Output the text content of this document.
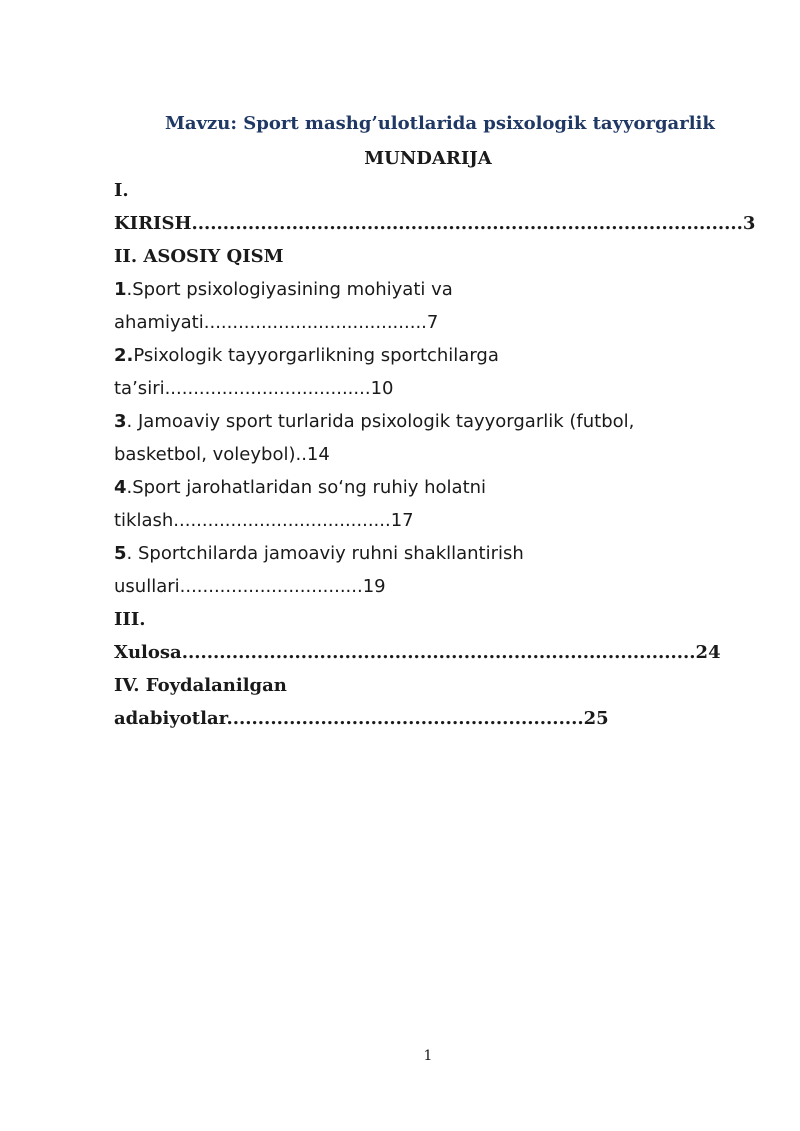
Mavzu: Sport mashg’ulotlarida psixologik tayyorgarlik
MUNDARIJA
I.
KIRISH........................................................................................3
II. ASOSIY QISM
1.Sport psixologiyasining mohiyati va
ahamiyati.......................................7
2.Psixologik tayyorgarlikning sportchilarga
ta’siri....................................10
3. Jamoaviy sport turlarida psixologik tayyorgarlik (futbol,
basketbol, voleybol)..14
4.Sport jarohatlaridan so‘ng ruhiy holatni
tiklash......................................17
5. Sportchilarda jamoaviy ruhni shakllantirish
usullari................................19
III.
Xulosa..................................................................................24
IV. Foydalanilgan
adabiyotlar.........................................................25
1
